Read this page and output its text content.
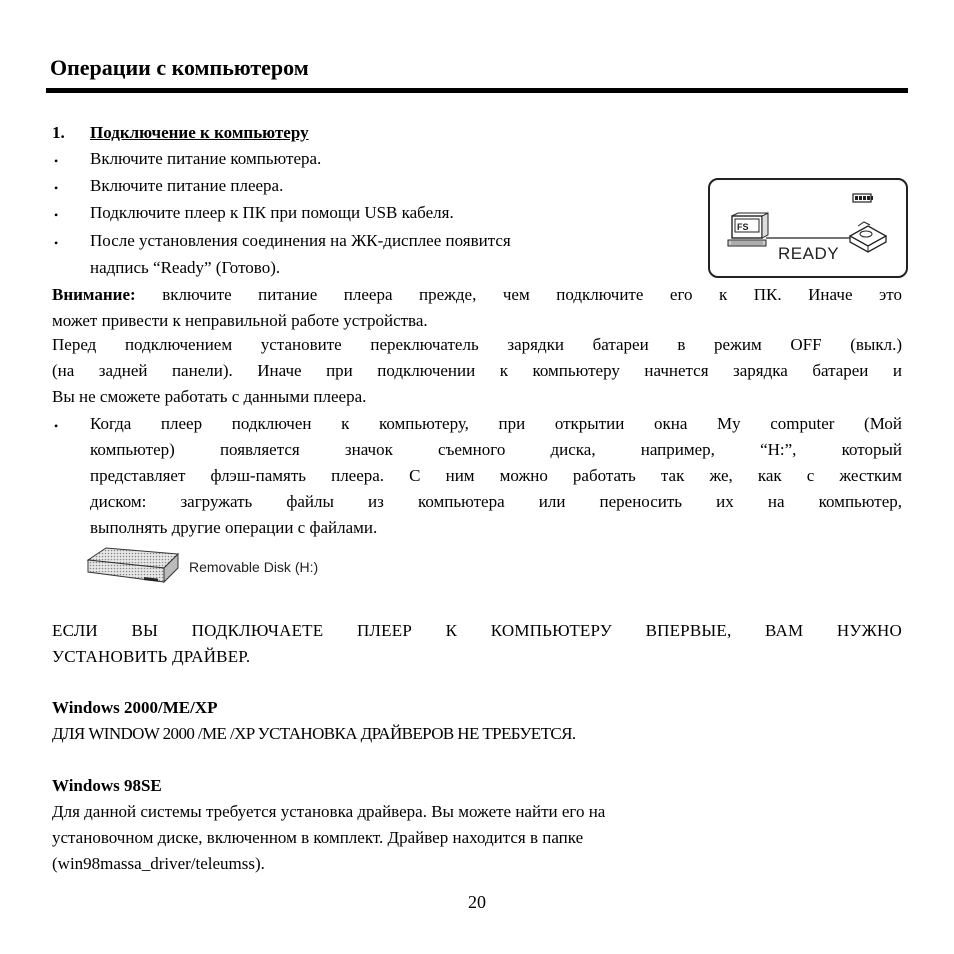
Операции с компьютером
1. Подключение к компьютеру
• Включите питание компьютера.
• Включите питание плеера.
• Подключите плеер к ПК при помощи USB кабеля.
• После установления соединения на ЖК-дисплее появится
надпись “Ready” (Готово).
FS
READY
Внимание: включите питание плеера прежде, чем подключите его к ПК. Иначе это
может привести к неправильной работе устройства.
Перед подключением установите переключатель зарядки батареи в режим OFF (выкл.)
(на задней панели). Иначе при подключении к компьютеру начнется зарядка батареи и
Вы не сможете работать с данными плеера.
• Когда плеер подключен к компьютеру, при открытии окна My computer (Мой
компьютер) появляется значок съемного диска, например, “H:”, который
представляет флэш-память плеера. С ним можно работать так же, как с жестким
диском: загружать файлы из компьютера или переносить их на компьютер,
выполнять другие операции с файлами.
Removable Disk (H:)
ЕСЛИ ВЫ ПОДКЛЮЧАЕТЕ ПЛЕЕР К КОМПЬЮТЕРУ ВПЕРВЫЕ, ВАМ НУЖНО
УСТАНОВИТЬ ДРАЙВЕР.
Windows 2000/ME/XP
ДЛЯ WINDOW 2000 /ME /XP УСТАНОВКА ДРАЙВЕРОВ НЕ ТРЕБУЕТСЯ.
Windows 98SE
Для данной системы требуется установка драйвера. Вы можете найти его на
установочном диске, включенном в комплект. Драйвер находится в папке
(win98massa_driver/teleumss).
20
